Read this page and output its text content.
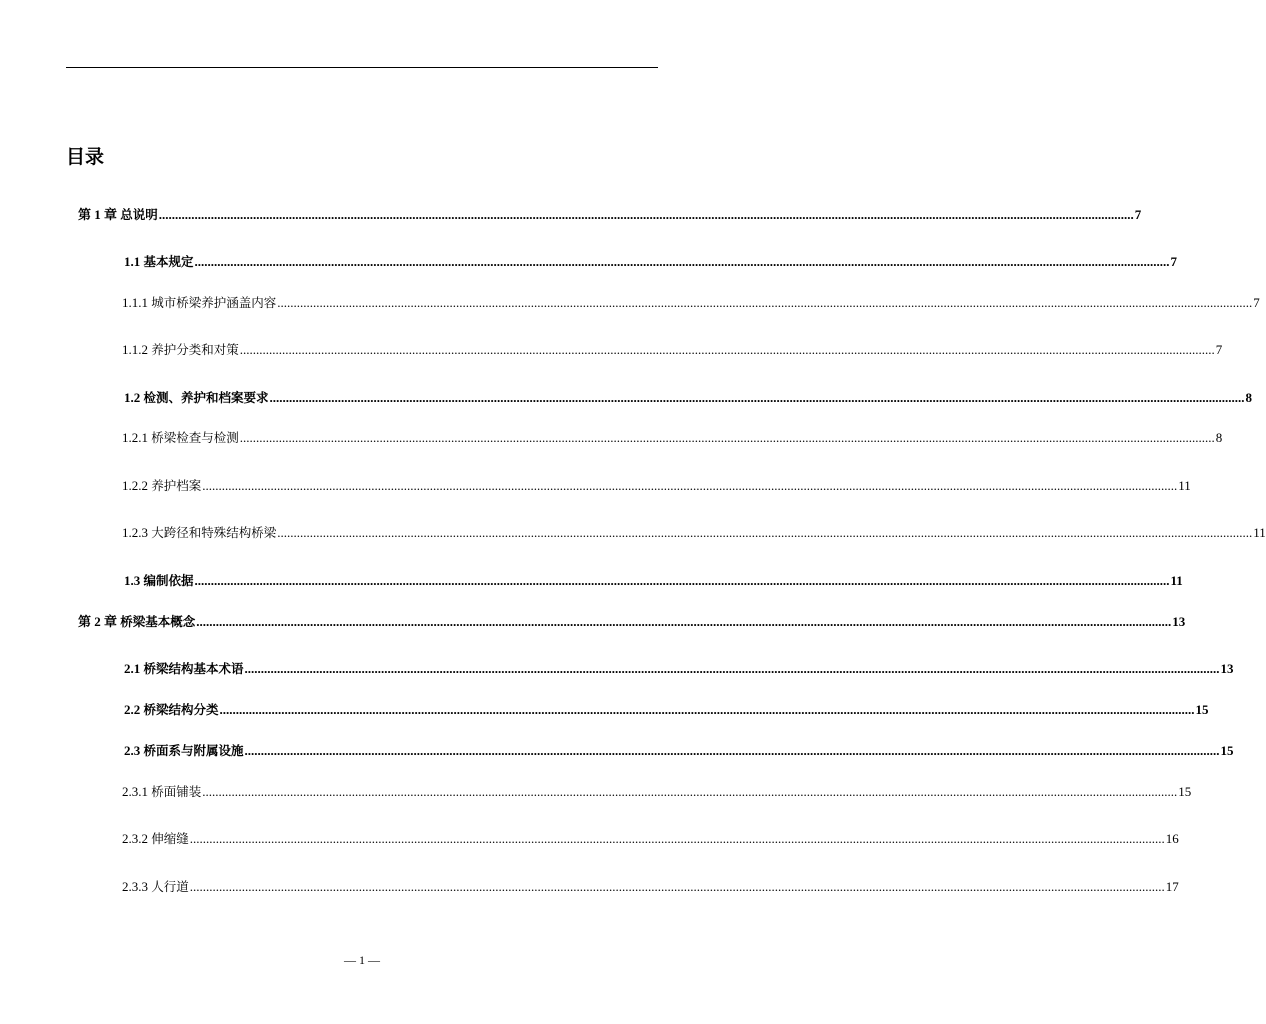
目录
第 1 章 总说明 ............................................................................................................................................................................................................................................................................................................ 7
1.1 基本规定 ............................................................................................................................................................................................................................................................................................................ 7
1.1.1 城市桥梁养护涵盖内容 ............................................................................................................................................................................................................................................................................................................ 7
1.1.2 养护分类和对策 ............................................................................................................................................................................................................................................................................................................ 7
1.2 检测、养护和档案要求 ............................................................................................................................................................................................................................................................................................................ 8
1.2.1 桥梁检查与检测 ............................................................................................................................................................................................................................................................................................................ 8
1.2.2 养护档案 ............................................................................................................................................................................................................................................................................................................ 11
1.2.3 大跨径和特殊结构桥梁 ............................................................................................................................................................................................................................................................................................................ 11
1.3 编制依据 ............................................................................................................................................................................................................................................................................................................ 11
第 2 章 桥梁基本概念 ............................................................................................................................................................................................................................................................................................................ 13
2.1 桥梁结构基本术语 ............................................................................................................................................................................................................................................................................................................ 13
2.2 桥梁结构分类 ............................................................................................................................................................................................................................................................................................................ 15
2.3 桥面系与附属设施 ............................................................................................................................................................................................................................................................................................................ 15
2.3.1 桥面铺装 ............................................................................................................................................................................................................................................................................................................ 15
2.3.2 伸缩缝 ............................................................................................................................................................................................................................................................................................................ 16
2.3.3 人行道 ............................................................................................................................................................................................................................................................................................................ 17
— 1 —
